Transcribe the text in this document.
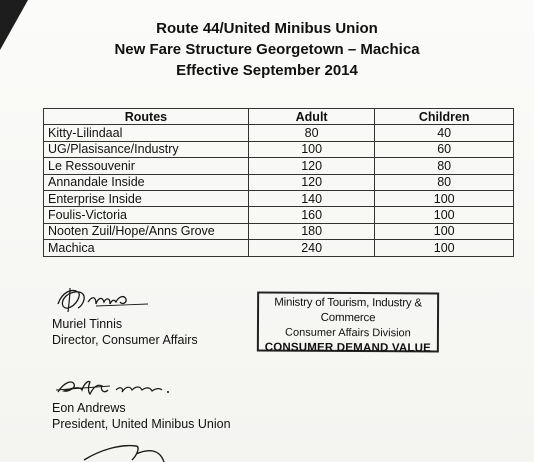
Route 44/United Minibus Union
New Fare Structure Georgetown – Machica
Effective September 2014
Routes	Adult	Children
Kitty-Lilindaal	80	40
UG/Plasisance/Industry	100	60
Le Ressouvenir	120	80
Annandale Inside	120	80
Enterprise Inside	140	100
Foulis-Victoria	160	100
Nooten Zuil/Hope/Anns Grove	180	100
Machica	240	100
Muriel Tinnis
Director, Consumer Affairs
Ministry of Tourism, Industry & Commerce
Consumer Affairs Division
CONSUMER DEMAND VALUE
Eon Andrews
President, United Minibus Union
